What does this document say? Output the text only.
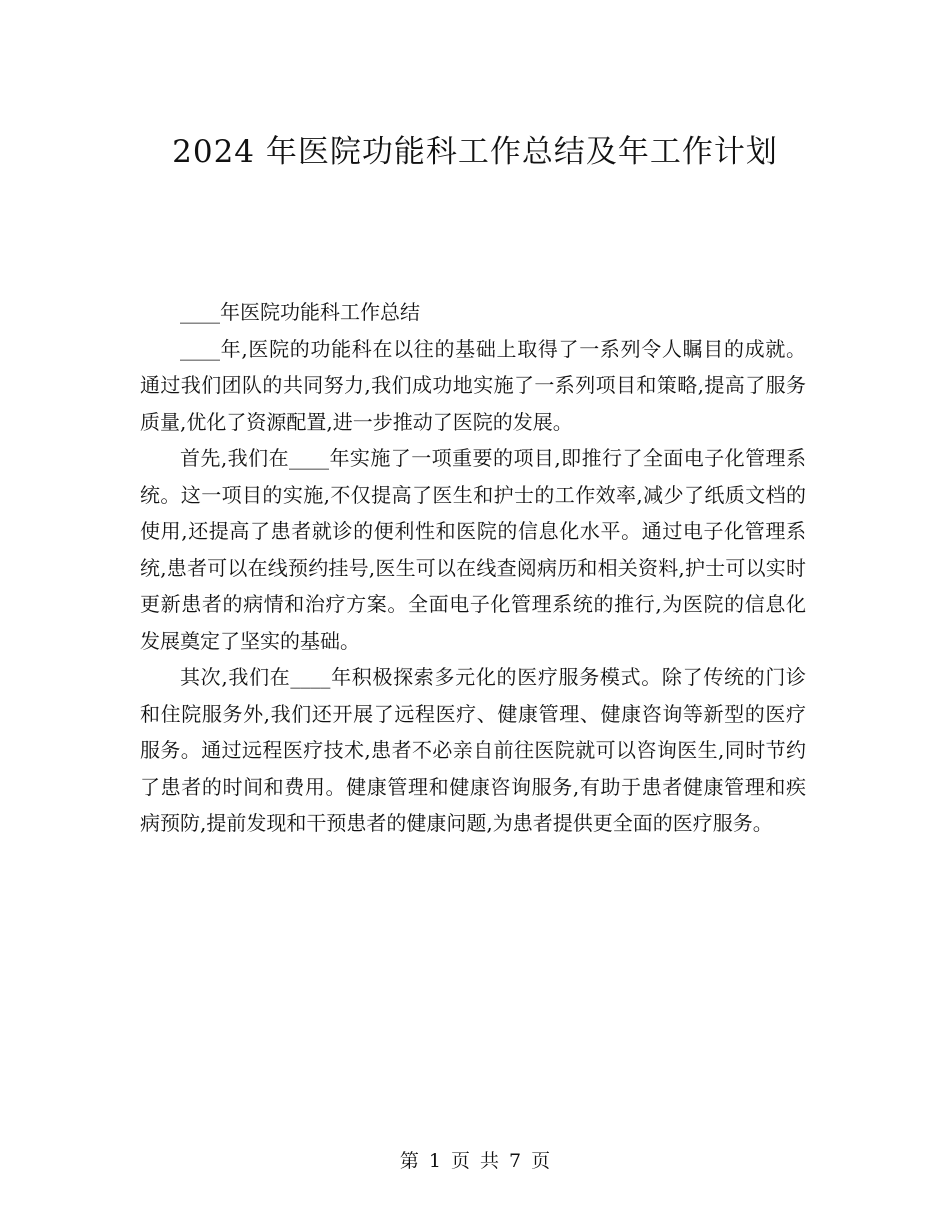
2024 年医院功能科工作总结及年工作计划

____年医院功能科工作总结

____年,医院的功能科在以往的基础上取得了一系列令人瞩目的成就。通过我们团队的共同努力,我们成功地实施了一系列项目和策略,提高了服务质量,优化了资源配置,进一步推动了医院的发展。

首先,我们在____年实施了一项重要的项目,即推行了全面电子化管理系统。这一项目的实施,不仅提高了医生和护士的工作效率,减少了纸质文档的使用,还提高了患者就诊的便利性和医院的信息化水平。通过电子化管理系统,患者可以在线预约挂号,医生可以在线查阅病历和相关资料,护士可以实时更新患者的病情和治疗方案。全面电子化管理系统的推行,为医院的信息化发展奠定了坚实的基础。

其次,我们在____年积极探索多元化的医疗服务模式。除了传统的门诊和住院服务外,我们还开展了远程医疗、健康管理、健康咨询等新型的医疗服务。通过远程医疗技术,患者不必亲自前往医院就可以咨询医生,同时节约了患者的时间和费用。健康管理和健康咨询服务,有助于患者健康管理和疾病预防,提前发现和干预患者的健康问题,为患者提供更全面的医疗服务。

第 1 页 共 7 页
